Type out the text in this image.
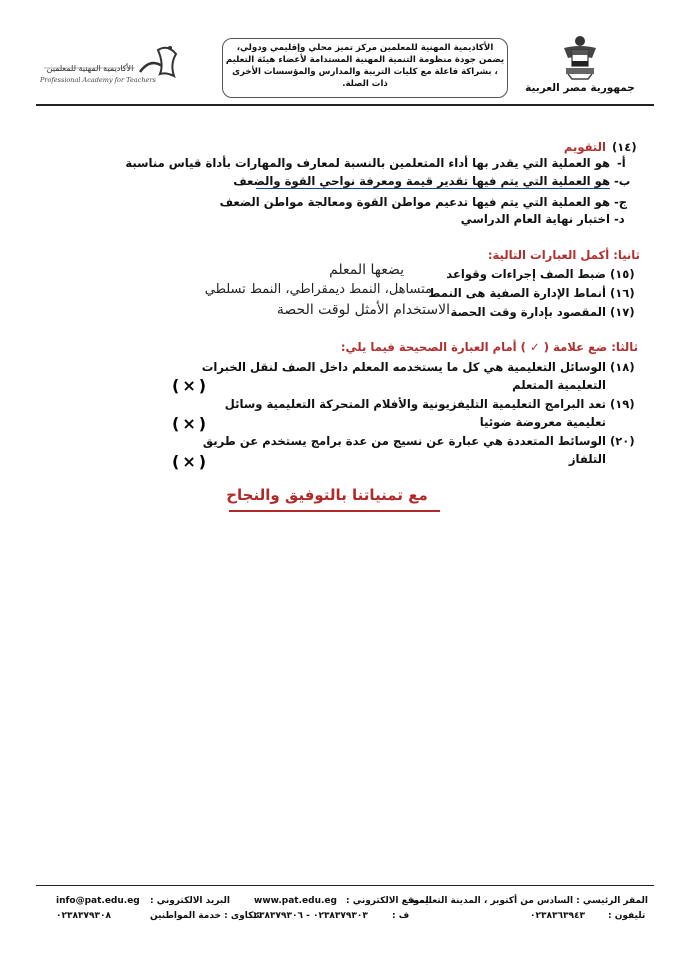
الأكاديمية المهنية للمعلمين
Professional Academy for Teachers

الأكاديمية المهنية للمعلمين مركز تميز محلي وإقليمي ودولي، يضمن جودة منظومة التنمية المهنية المستدامة لأعضاء هيئة التعليم ، بشراكة فاعلة مع كليات التربية والمدارس والمؤسسات الأخرى ذات الصلة.	جمهورية مصر العربية
(١٤)
التقويم
أ-
هو العملية التي يقدر بها أداء المتعلمين بالنسبة لمعارف والمهارات بأداة قياس مناسبة
ب-
هو العملية التي يتم فيها تقدير قيمة ومعرفة نواحي القوة والضعف
ج-
هو العملية التي يتم فيها تدعيم مواطن القوة ومعالجة مواطن الضعف
د-
اختبار نهاية العام الدراسي
ثانيا: أكمل العبارات التالية:
(١٥)
ضبط الصف إجراءات وقواعد
يضعها المعلم
(١٦)
أنماط الإدارة الصفية هى النمط
متساهل، النمط ديمقراطي، النمط تسلطي
(١٧)
المقصود بإدارة وقت الحصة
الاستخدام الأمثل لوقت الحصة
ثالثا: ضع علامة ( ✓ ) أمام العبارة الصحيحة فيما يلي:
(١٨)
الوسائل التعليمية هي كل ما يستخدمه المعلم داخل الصف لنقل الخبرات
التعليمية المتعلم
(×)
(١٩)
تعد البرامج التعليمية التليفزيونية والأفلام المتحركة التعليمية وسائل
تعليمية معروضة ضوئيا
(×)
(٢٠)
الوسائط المتعددة هي عبارة عن نسيج من عدة برامج يستخدم عن طريق
التلفاز
(×)
مع تمنياتنا بالتوفيق والنجاح
البريد الالكتروني :
info@pat.edu.eg
شكاوى : خدمة المواطنين
٠٢٣٨٣٧٩٣٠٨
الموقع الالكتروني :
www.pat.edu.eg
ف :
٠٢٣٨٣٧٩٣٠٣ - ٠٢٣٨٣٧٩٣٠٦
المقر الرئيسي : السادس من أكتوبر ، المدينة التعليمية
تليفون :
٠٢٣٨٣٦٣٩٤٣
